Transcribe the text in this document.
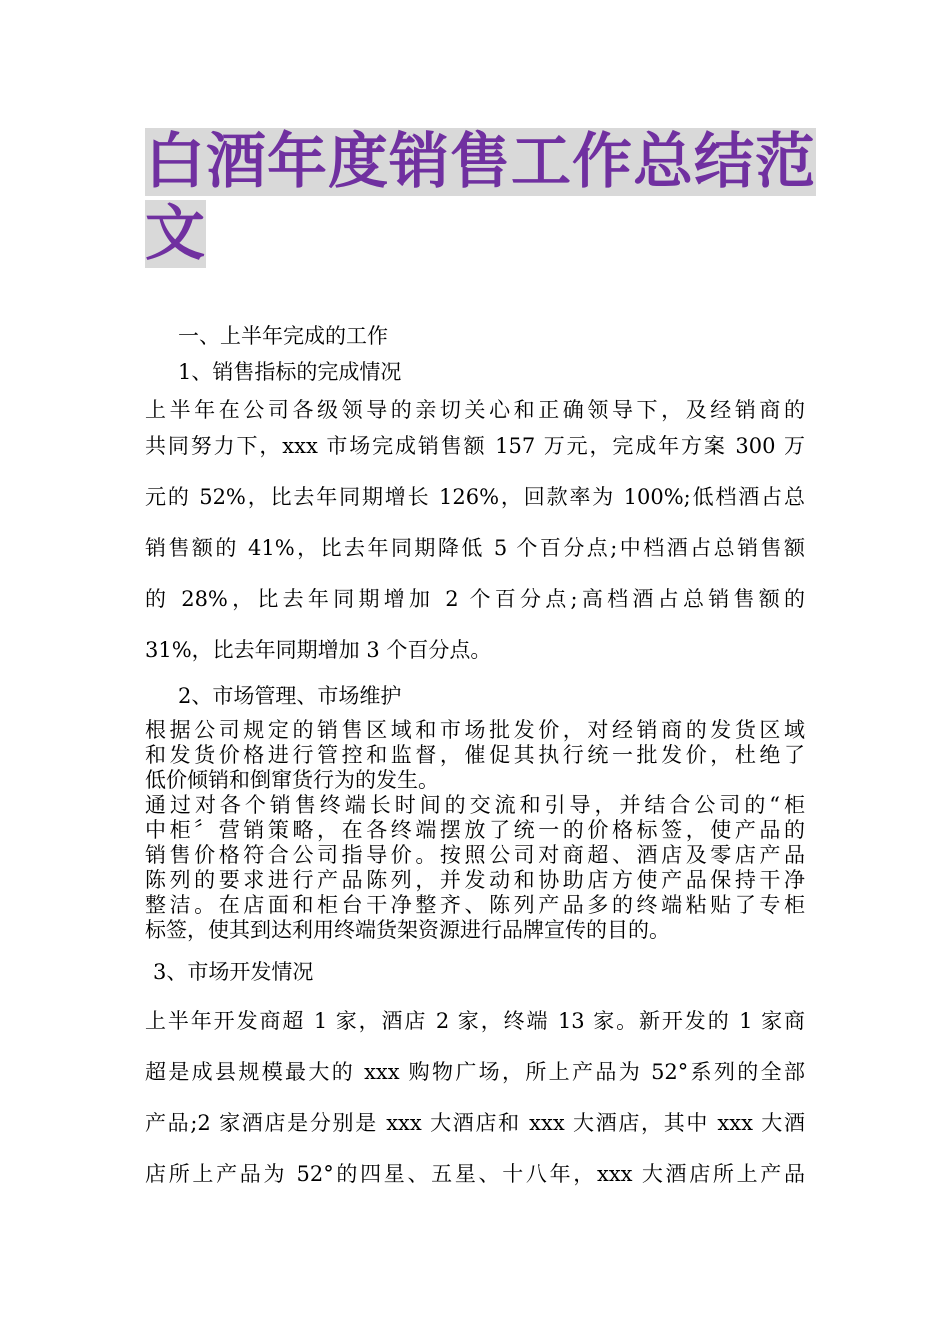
白酒年度销售工作总结范
文
一、上半年完成的工作
1、销售指标的完成情况
上半年在公司各级领导的亲切关心和正确领导下，及经销商的
共同努力下，xxx 市场完成销售额 157 万元，完成年方案 300 万
元的 52%，比去年同期增长 126%，回款率为 100%;低档酒占总
销售额的 41%，比去年同期降低 5 个百分点;中档酒占总销售额
的 28%，比去年同期增加 2 个百分点;高档酒占总销售额的
31%，比去年同期增加 3 个百分点。
2、市场管理、市场维护
根据公司规定的销售区域和市场批发价，对经销商的发货区域
和发货价格进行管控和监督，催促其执行统一批发价，杜绝了
低价倾销和倒窜货行为的发生。
通过对各个销售终端长时间的交流和引导，并结合公司的“柜
中柜〞营销策略，在各终端摆放了统一的价格标签，使产品的
销售价格符合公司指导价。按照公司对商超、酒店及零店产品
陈列的要求进行产品陈列，并发动和协助店方使产品保持干净
整洁。在店面和柜台干净整齐、陈列产品多的终端粘贴了专柜
标签，使其到达利用终端货架资源进行品牌宣传的目的。
3、市场开发情况
上半年开发商超 1 家，酒店 2 家，终端 13 家。新开发的 1 家商
超是成县规模最大的 xxx 购物广场，所上产品为 52°系列的全部
产品;2 家酒店是分别是 xxx 大酒店和 xxx 大酒店，其中 xxx 大酒
店所上产品为 52°的四星、五星、十八年，xxx 大酒店所上产品
